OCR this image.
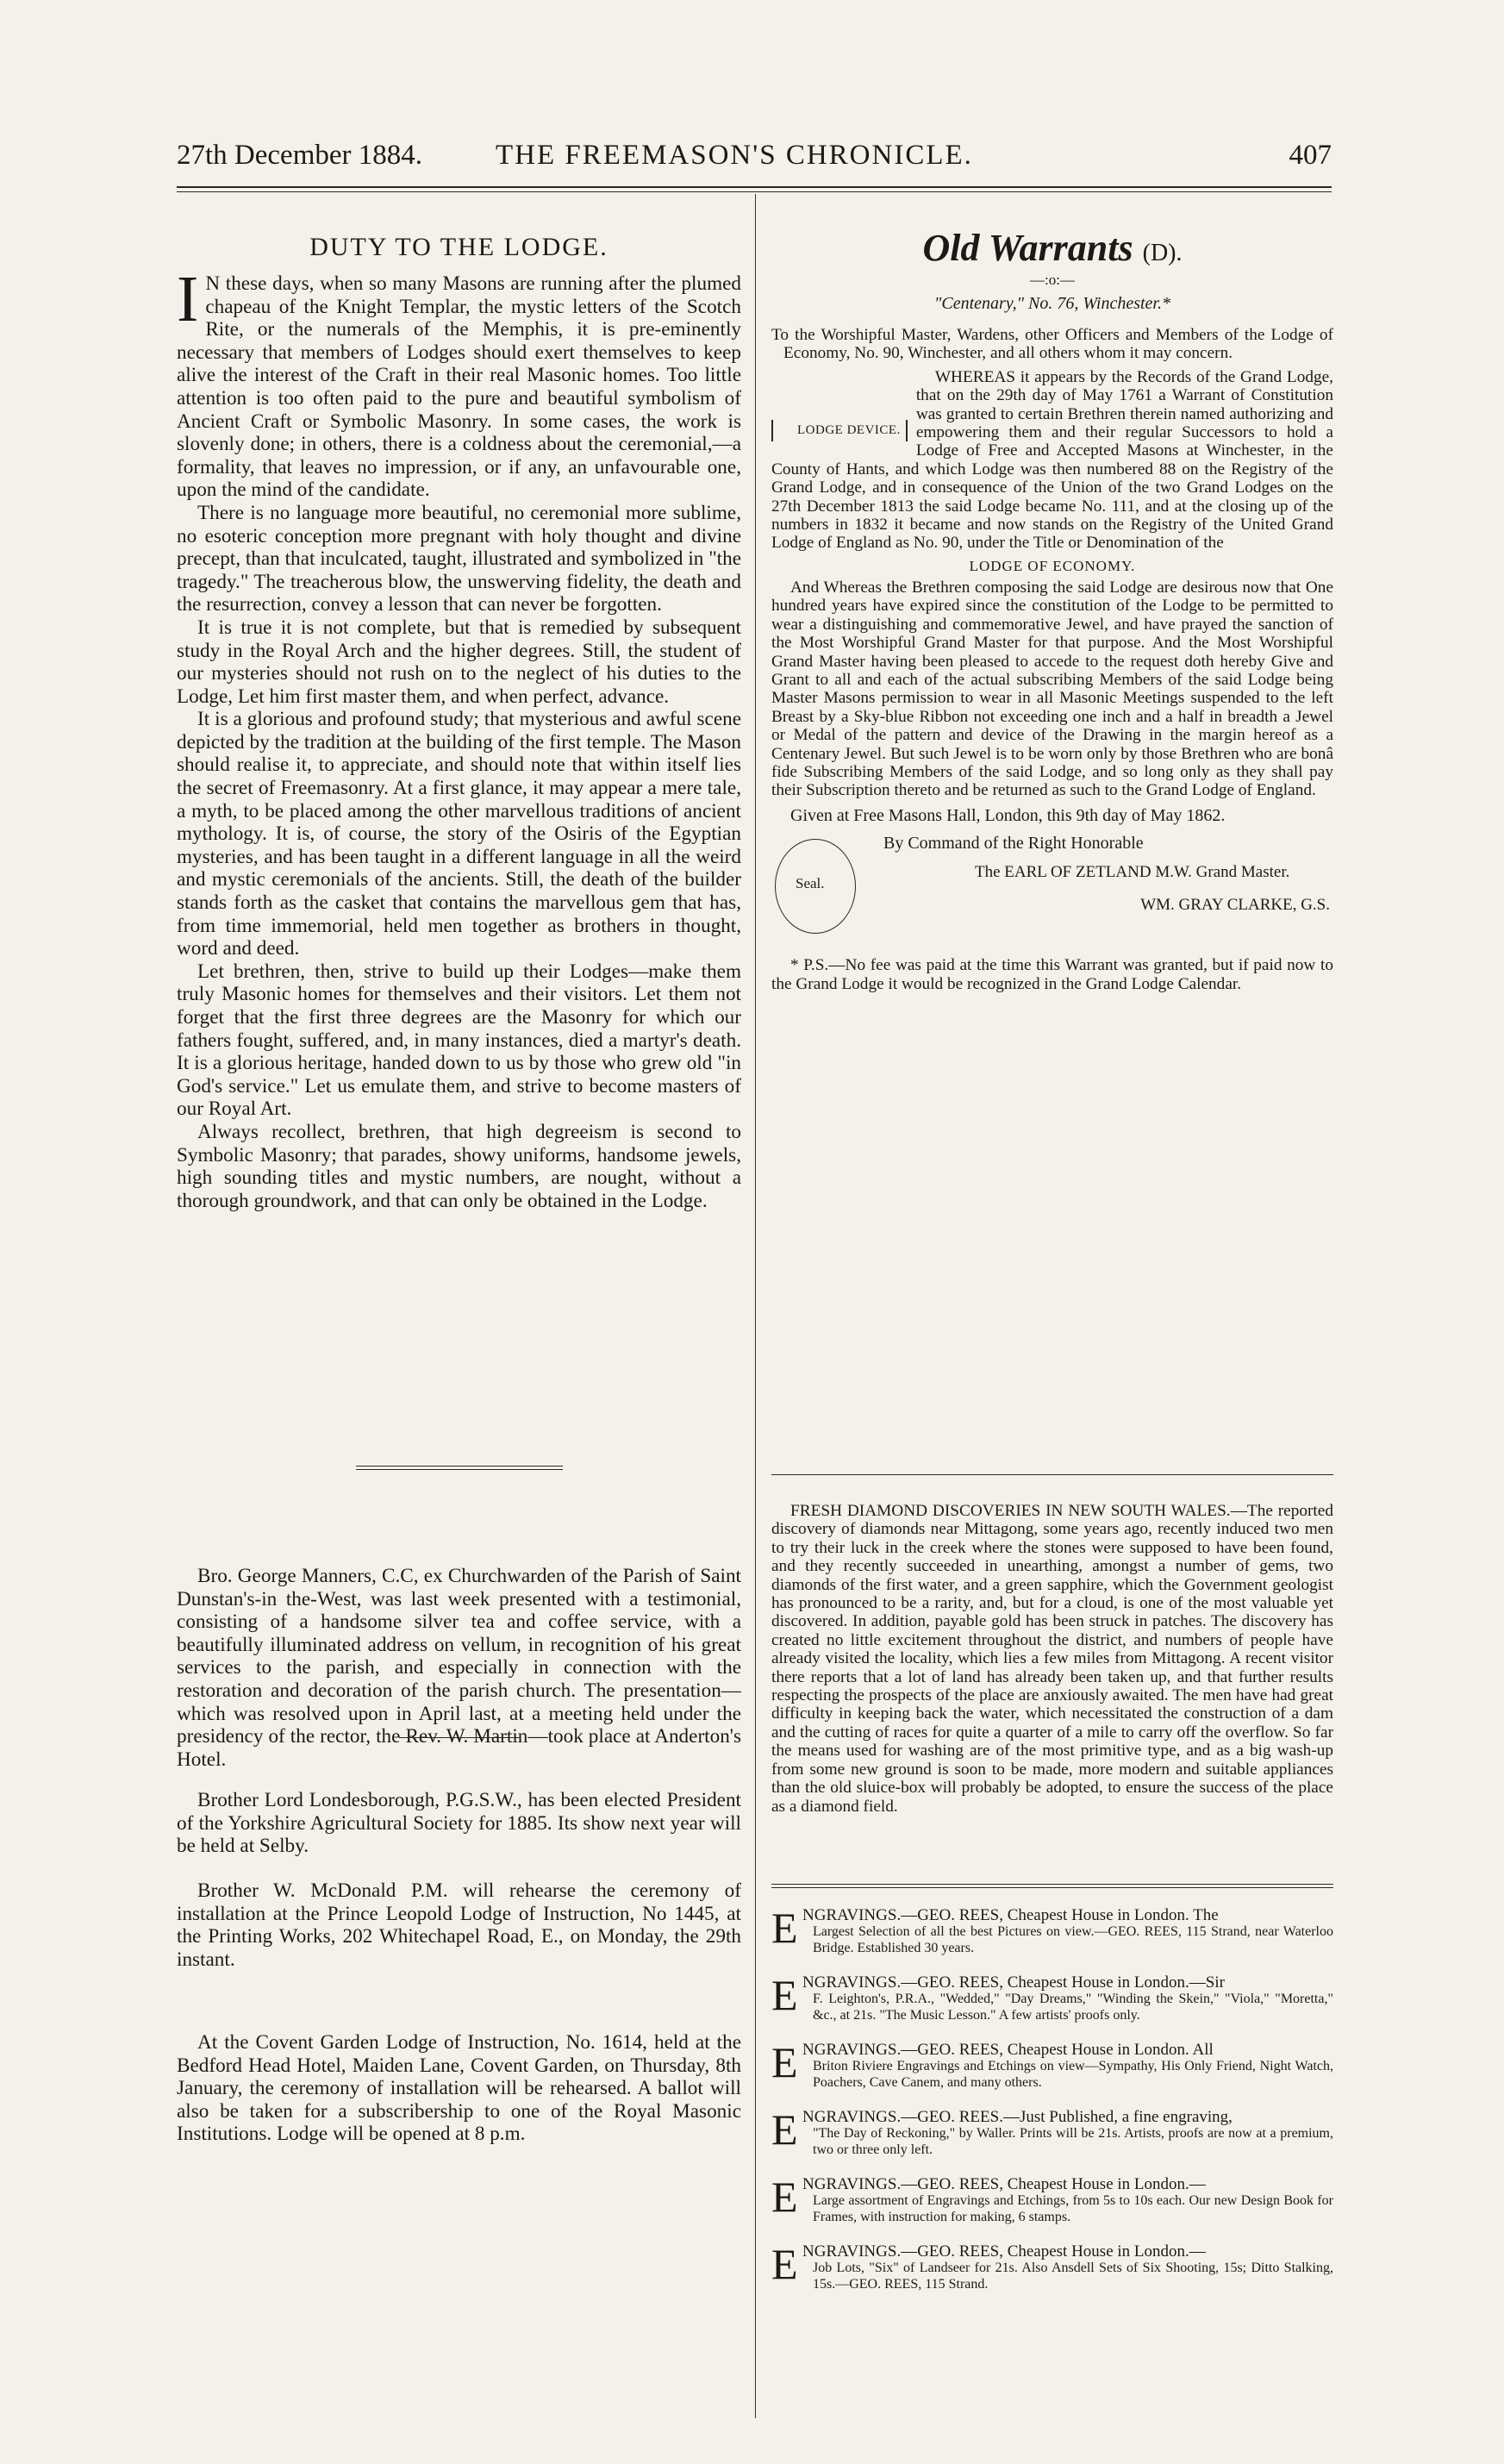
27th December 1884.	THE FREEMASON'S CHRONICLE.	407
DUTY TO THE LODGE.

I N these days, when so many Masons are running after the plumed chapeau of the Knight Templar, the mystic letters of the Scotch Rite, or the numerals of the Memphis, it is pre-eminently necessary that members of Lodges should exert themselves to keep alive the interest of the Craft in their real Masonic homes. Too little attention is too often paid to the pure and beautiful symbolism of Ancient Craft or Symbolic Masonry. In some cases, the work is slovenly done; in others, there is a coldness about the ceremonial,—a formality, that leaves no impression, or if any, an unfavourable one, upon the mind of the candidate.

There is no language more beautiful, no ceremonial more sublime, no esoteric conception more pregnant with holy thought and divine precept, than that inculcated, taught, illustrated and symbolized in "the tragedy." The treacherous blow, the unswerving fidelity, the death and the resurrection, convey a lesson that can never be forgotten.

It is true it is not complete, but that is remedied by subsequent study in the Royal Arch and the higher degrees. Still, the student of our mysteries should not rush on to the neglect of his duties to the Lodge, Let him first master them, and when perfect, advance.

It is a glorious and profound study; that mysterious and awful scene depicted by the tradition at the building of the first temple. The Mason should realise it, to appreciate, and should note that within itself lies the secret of Freemasonry. At a first glance, it may appear a mere tale, a myth, to be placed among the other marvellous traditions of ancient mythology. It is, of course, the story of the Osiris of the Egyptian mysteries, and has been taught in a different language in all the weird and mystic ceremonials of the ancients. Still, the death of the builder stands forth as the casket that contains the marvellous gem that has, from time immemorial, held men together as brothers in thought, word and deed.

Let brethren, then, strive to build up their Lodges—make them truly Masonic homes for themselves and their visitors. Let them not forget that the first three degrees are the Masonry for which our fathers fought, suffered, and, in many instances, died a martyr's death. It is a glorious heritage, handed down to us by those who grew old "in God's service." Let us emulate them, and strive to become masters of our Royal Art.

Always recollect, brethren, that high degreeism is second to Symbolic Masonry; that parades, showy uniforms, handsome jewels, high sounding titles and mystic numbers, are nought, without a thorough groundwork, and that can only be obtained in the Lodge.

Bro. George Manners, C.C, ex Churchwarden of the Parish of Saint Dunstan's-in the-West, was last week presented with a testimonial, consisting of a handsome silver tea and coffee service, with a beautifully illuminated address on vellum, in recognition of his great services to the parish, and especially in connection with the restoration and decoration of the parish church. The presentation—which was resolved upon in April last, at a meeting held under the presidency of the rector, the Rev. W. Martin—took place at Anderton's Hotel.

Brother Lord Londesborough, P.G.S.W., has been elected President of the Yorkshire Agricultural Society for 1885. Its show next year will be held at Selby.

Brother W. McDonald P.M. will rehearse the ceremony of installation at the Prince Leopold Lodge of Instruction, No 1445, at the Printing Works, 202 Whitechapel Road, E., on Monday, the 29th instant.

At the Covent Garden Lodge of Instruction, No. 1614, held at the Bedford Head Hotel, Maiden Lane, Covent Garden, on Thursday, 8th January, the ceremony of installation will be rehearsed. A ballot will also be taken for a subscribership to one of the Royal Masonic Institutions. Lodge will be opened at 8 p.m.

Old Warrants (D).
—:o:—
"Centenary," No. 76, Winchester.*

To the Worshipful Master, Wardens, other Officers and Members of the Lodge of Economy, No. 90, Winchester, and all others whom it may concern.

LODGE DEVICE.
WHEREAS it appears by the Records of the Grand Lodge, that on the 29th day of May 1761 a Warrant of Constitution was granted to certain Brethren therein named authorizing and empowering them and their regular Successors to hold a Lodge of Free and Accepted Masons at Winchester, in the County of Hants, and which Lodge was then numbered 88 on the Registry of the Grand Lodge, and in consequence of the Union of the two Grand Lodges on the 27th December 1813 the said Lodge became No. 111, and at the closing up of the numbers in 1832 it became and now stands on the Registry of the United Grand Lodge of England as No. 90, under the Title or Denomination of the

LODGE OF ECONOMY.

And Whereas the Brethren composing the said Lodge are desirous now that One hundred years have expired since the constitution of the Lodge to be permitted to wear a distinguishing and commemorative Jewel, and have prayed the sanction of the Most Worshipful Grand Master for that purpose. And the Most Worshipful Grand Master having been pleased to accede to the request doth hereby Give and Grant to all and each of the actual subscribing Members of the said Lodge being Master Masons permission to wear in all Masonic Meetings suspended to the left Breast by a Sky-blue Ribbon not exceeding one inch and a half in breadth a Jewel or Medal of the pattern and device of the Drawing in the margin hereof as a Centenary Jewel. But such Jewel is to be worn only by those Brethren who are bonâ fide Subscribing Members of the said Lodge, and so long only as they shall pay their Subscription thereto and be returned as such to the Grand Lodge of England.

Given at Free Masons Hall, London, this 9th day of May 1862.

Seal.
By Command of the Right Honorable
The EARL OF ZETLAND M.W. Grand Master.
WM. GRAY CLARKE, G.S.

* P.S.—No fee was paid at the time this Warrant was granted, but if paid now to the Grand Lodge it would be recognized in the Grand Lodge Calendar.

FRESH DIAMOND DISCOVERIES IN NEW SOUTH WALES.—The reported discovery of diamonds near Mittagong, some years ago, recently induced two men to try their luck in the creek where the stones were supposed to have been found, and they recently succeeded in unearthing, amongst a number of gems, two diamonds of the first water, and a green sapphire, which the Government geologist has pronounced to be a rarity, and, but for a cloud, is one of the most valuable yet discovered. In addition, payable gold has been struck in patches. The discovery has created no little excitement throughout the district, and numbers of people have already visited the locality, which lies a few miles from Mittagong. A recent visitor there reports that a lot of land has already been taken up, and that further results respecting the prospects of the place are anxiously awaited. The men have had great difficulty in keeping back the water, which necessitated the construction of a dam and the cutting of races for quite a quarter of a mile to carry off the overflow. So far the means used for washing are of the most primitive type, and as a big wash-up from some new ground is soon to be made, more modern and suitable appliances than the old sluice-box will probably be adopted, to ensure the success of the place as a diamond field.

E NGRAVINGS.—GEO. REES, Cheapest House in London. The
Largest Selection of all the best Pictures on view.—GEO. REES, 115 Strand, near Waterloo Bridge. Established 30 years.
E NGRAVINGS.—GEO. REES, Cheapest House in London.—Sir
F. Leighton's, P.R.A., "Wedded," "Day Dreams," "Winding the Skein," "Viola," "Moretta," &c., at 21s. "The Music Lesson." A few artists' proofs only.
E NGRAVINGS.—GEO. REES, Cheapest House in London. All
Briton Riviere Engravings and Etchings on view—Sympathy, His Only Friend, Night Watch, Poachers, Cave Canem, and many others.
E NGRAVINGS.—GEO. REES.—Just Published, a fine engraving,
"The Day of Reckoning," by Waller. Prints will be 21s. Artists, proofs are now at a premium, two or three only left.
E NGRAVINGS.—GEO. REES, Cheapest House in London.—
Large assortment of Engravings and Etchings, from 5s to 10s each. Our new Design Book for Frames, with instruction for making, 6 stamps.
E NGRAVINGS.—GEO. REES, Cheapest House in London.—
Job Lots, "Six" of Landseer for 21s. Also Ansdell Sets of Six Shooting, 15s; Ditto Stalking, 15s.—GEO. REES, 115 Strand.
